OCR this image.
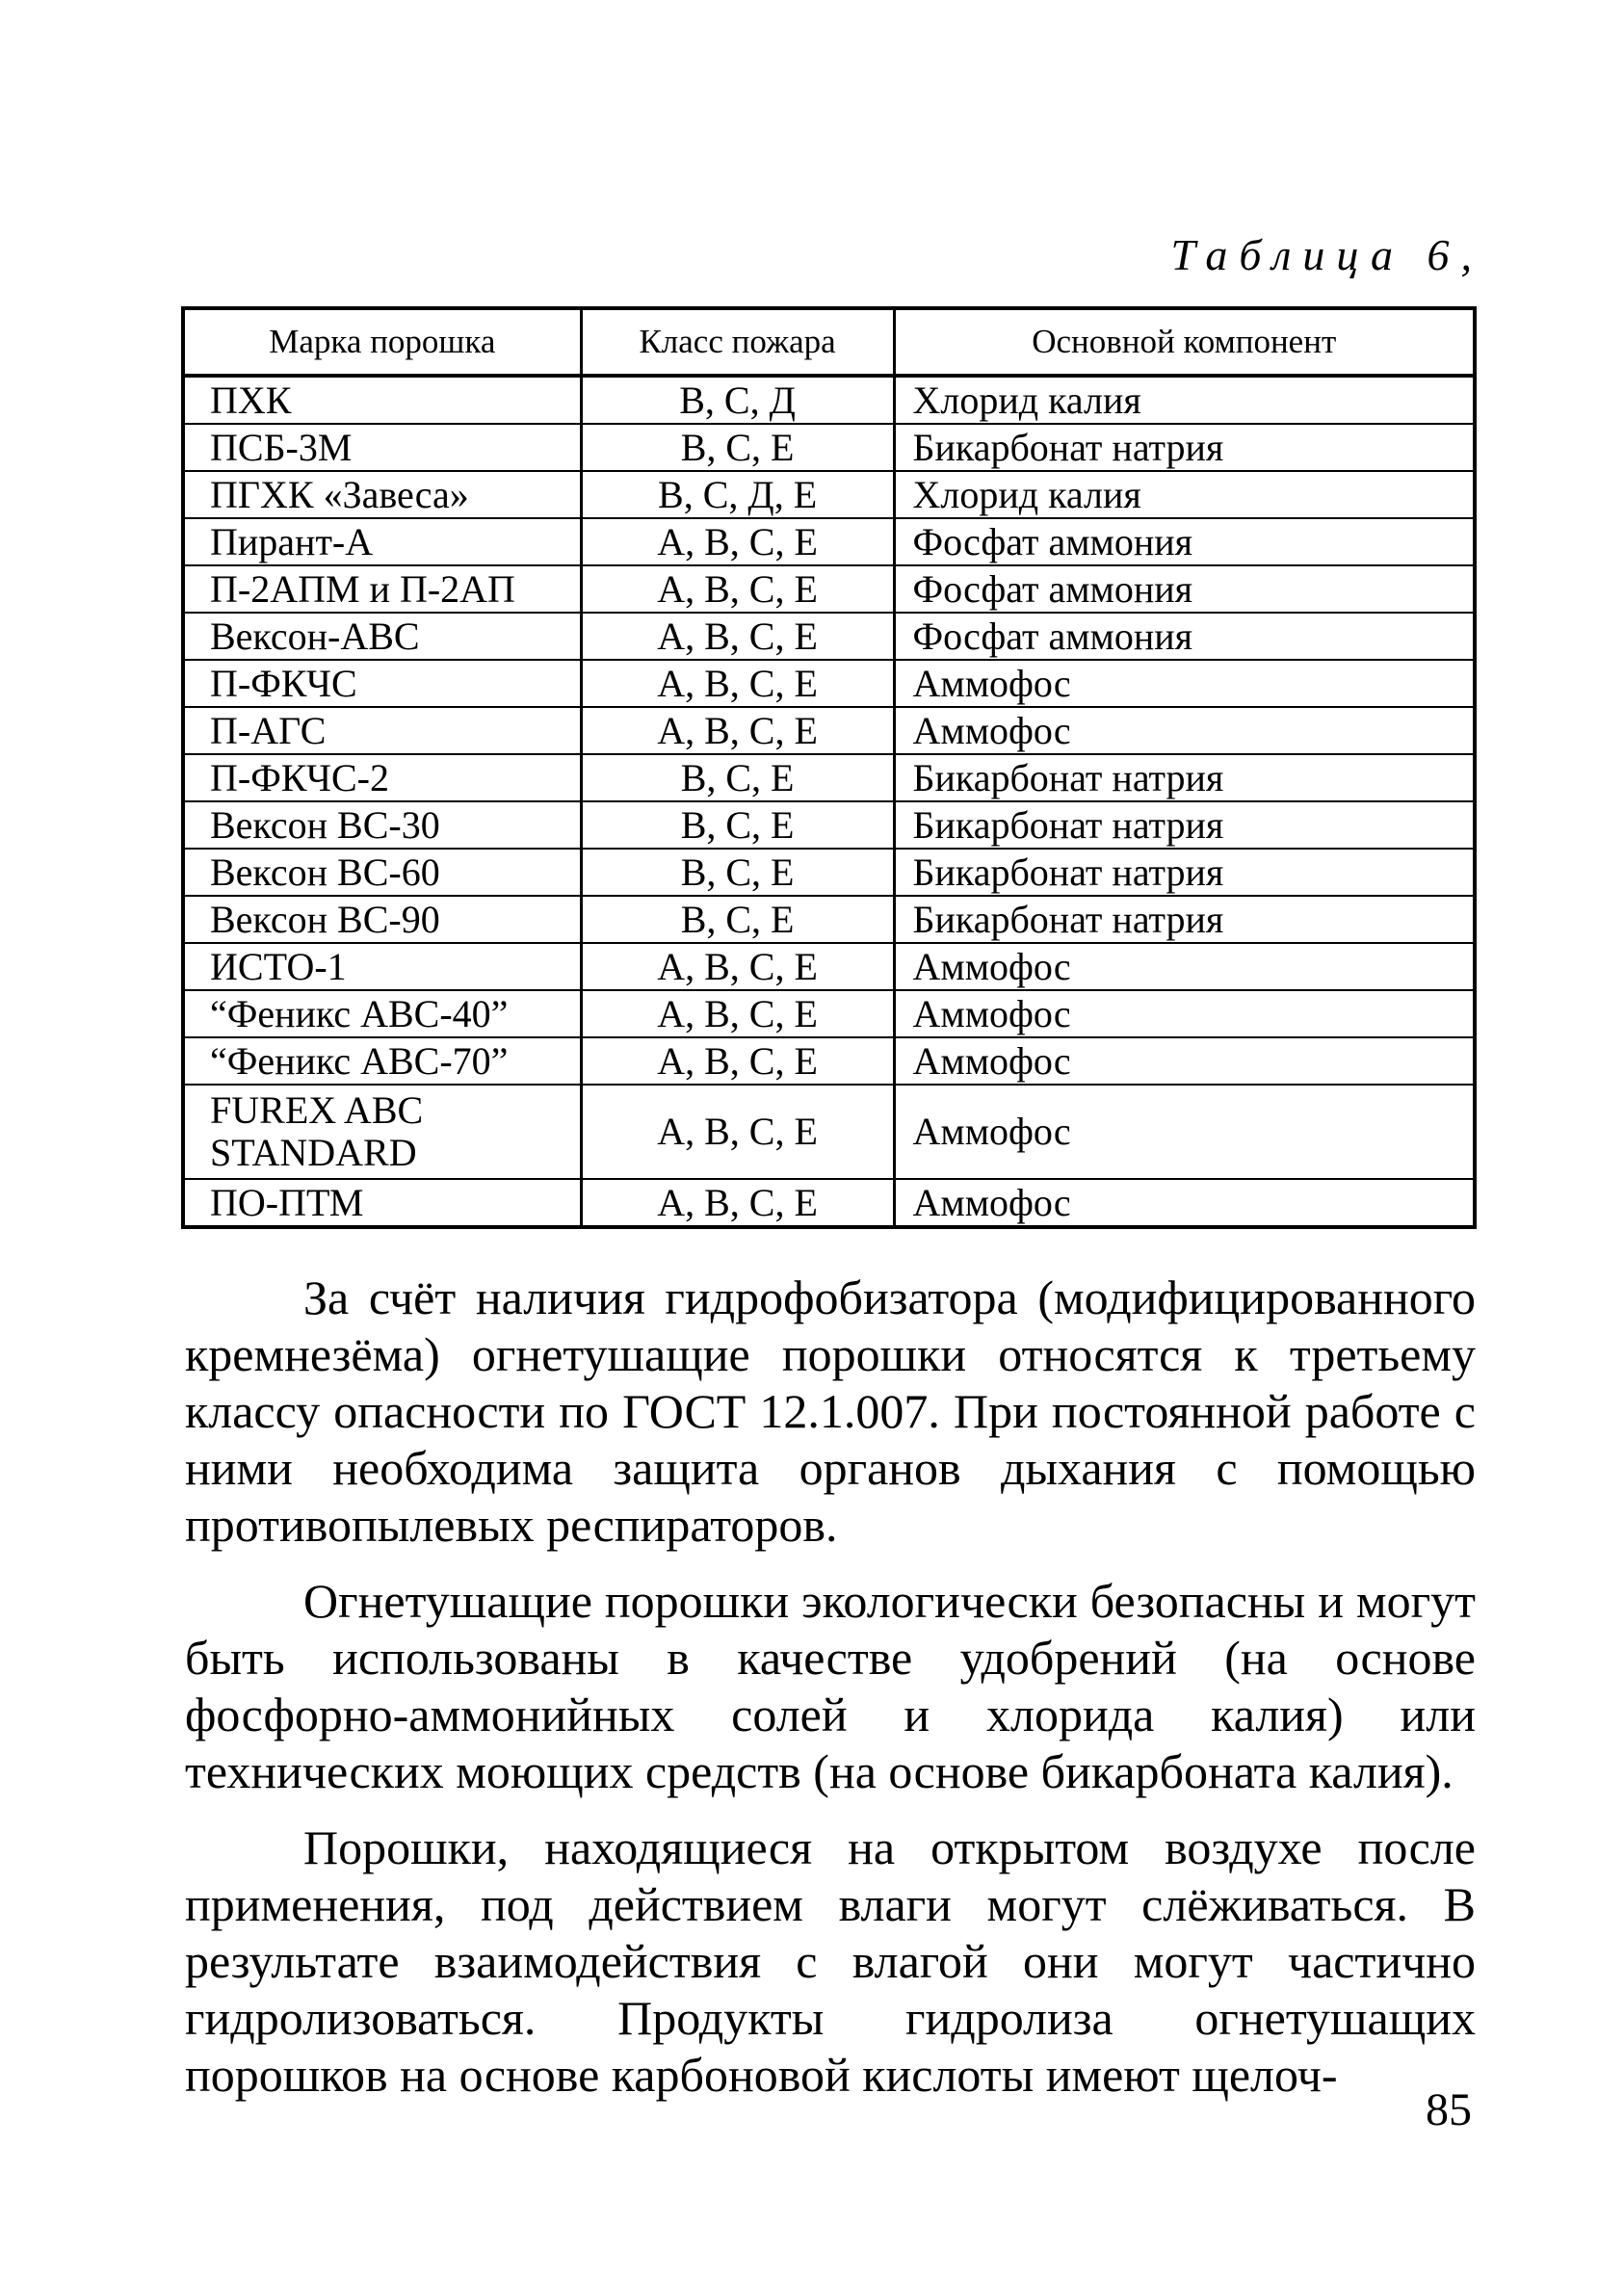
Таблица 6,
Марка порошка	Класс пожара	Основной компонент
ПХК	В, С, Д	Хлорид калия
ПСБ-3М	В, С, Е	Бикарбонат натрия
ПГХК «Завеса»	В, С, Д, Е	Хлорид калия
Пирант-А	А, В, С, Е	Фосфат аммония
П-2АПМ и П-2АП	А, В, С, Е	Фосфат аммония
Вексон-АВС	А, В, С, Е	Фосфат аммония
П-ФКЧС	А, В, С, Е	Аммофос
П-АГС	А, В, С, Е	Аммофос
П-ФКЧС-2	В, С, Е	Бикарбонат натрия
Вексон ВС-30	В, С, Е	Бикарбонат натрия
Вексон ВС-60	В, С, Е	Бикарбонат натрия
Вексон ВС-90	В, С, Е	Бикарбонат натрия
ИСТО-1	А, В, С, Е	Аммофос
“Феникс АВС-40”	А, В, С, Е	Аммофос
“Феникс АВС-70”	А, В, С, Е	Аммофос
FUREX ABC STANDARD	А, В, С, Е	Аммофос
ПО-ПТМ	А, В, С, Е	Аммофос

За счёт наличия гидрофобизатора (модифицированного кремнезёма) огнетушащие порошки относятся к третьему классу опасности по ГОСТ 12.1.007. При постоянной работе с ними необходима защита органов дыхания с помощью противопылевых респираторов.

Огнетушащие порошки экологически безопасны и могут быть использованы в качестве удобрений (на основе фосфорно-аммонийных солей и хлорида калия) или технических моющих средств (на основе бикарбоната калия).

Порошки, находящиеся на открытом воздухе после применения, под действием влаги могут слёживаться. В результате взаимодействия с влагой они могут частично гидролизоваться. Продукты гидролиза огнетушащих порошков на основе карбоновой кислоты имеют щелоч-

85
